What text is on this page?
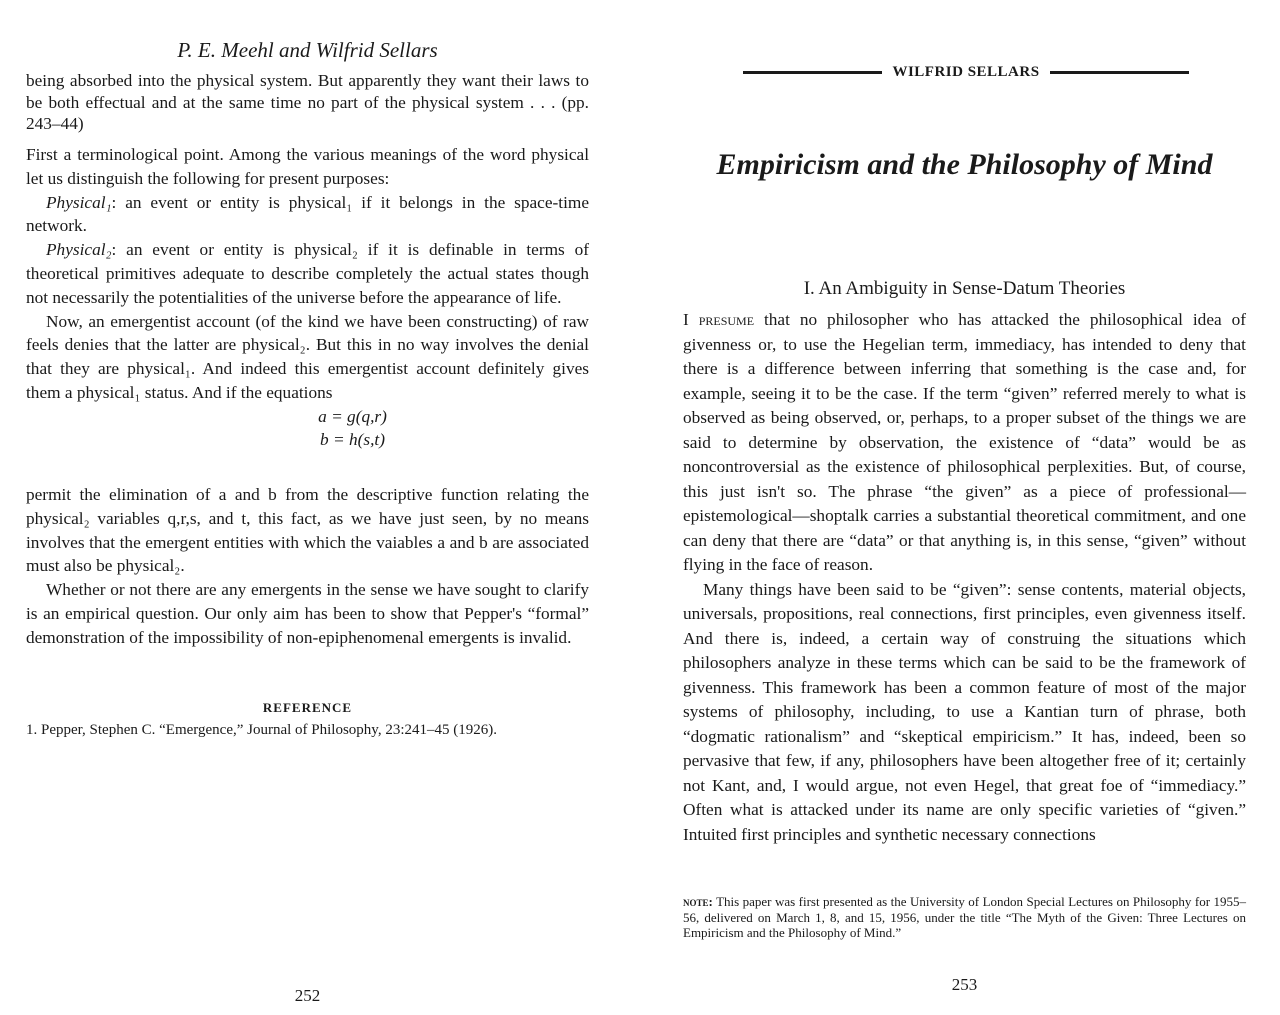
P. E. Meehl and Wilfrid Sellars

being absorbed into the physical system. But apparently they want their laws to be both effectual and at the same time no part of the physical system . . . (pp. 243–44)

First a terminological point. Among the various meanings of the word physical let us distinguish the following for present purposes:

Physical₁: an event or entity is physical₁ if it belongs in the space-time network.

Physical₂: an event or entity is physical₂ if it is definable in terms of theoretical primitives adequate to describe completely the actual states though not necessarily the potentialities of the universe before the appearance of life.

Now, an emergentist account (of the kind we have been constructing) of raw feels denies that the latter are physical₂. But this in no way involves the denial that they are physical₁. And indeed this emergentist account definitely gives them a physical₁ status. And if the equations

a = g(q,r)

b = h(s,t)

permit the elimination of a and b from the descriptive function relating the physical₂ variables q,r,s, and t, this fact, as we have just seen, by no means involves that the emergent entities with which the vaiables a and b are associated must also be physical₂.

Whether or not there are any emergents in the sense we have sought to clarify is an empirical question. Our only aim has been to show that Pepper's “formal” demonstration of the impossibility of non-epiphenomenal emergents is invalid.

REFERENCE
1. Pepper, Stephen C. “Emergence,” Journal of Philosophy, 23:241–45 (1926).
252
WILFRID SELLARS
Empiricism and the Philosophy of Mind
I. An Ambiguity in Sense-Datum Theories

I presume that no philosopher who has attacked the philosophical idea of givenness or, to use the Hegelian term, immediacy, has intended to deny that there is a difference between inferring that something is the case and, for example, seeing it to be the case. If the term “given” referred merely to what is observed as being observed, or, perhaps, to a proper subset of the things we are said to determine by observation, the existence of “data” would be as noncontroversial as the existence of philosophical perplexities. But, of course, this just isn't so. The phrase “the given” as a piece of professional—epistemological—shoptalk carries a substantial theoretical commitment, and one can deny that there are “data” or that anything is, in this sense, “given” without flying in the face of reason.

Many things have been said to be “given”: sense contents, material objects, universals, propositions, real connections, first principles, even givenness itself. And there is, indeed, a certain way of construing the situations which philosophers analyze in these terms which can be said to be the framework of givenness. This framework has been a common feature of most of the major systems of philosophy, including, to use a Kantian turn of phrase, both “dogmatic rationalism” and “skeptical empiricism.” It has, indeed, been so pervasive that few, if any, philosophers have been altogether free of it; certainly not Kant, and, I would argue, not even Hegel, that great foe of “immediacy.” Often what is attacked under its name are only specific varieties of “given.” Intuited first principles and synthetic necessary connections

note: This paper was first presented as the University of London Special Lectures on Philosophy for 1955–56, delivered on March 1, 8, and 15, 1956, under the title “The Myth of the Given: Three Lectures on Empiricism and the Philosophy of Mind.”
253
